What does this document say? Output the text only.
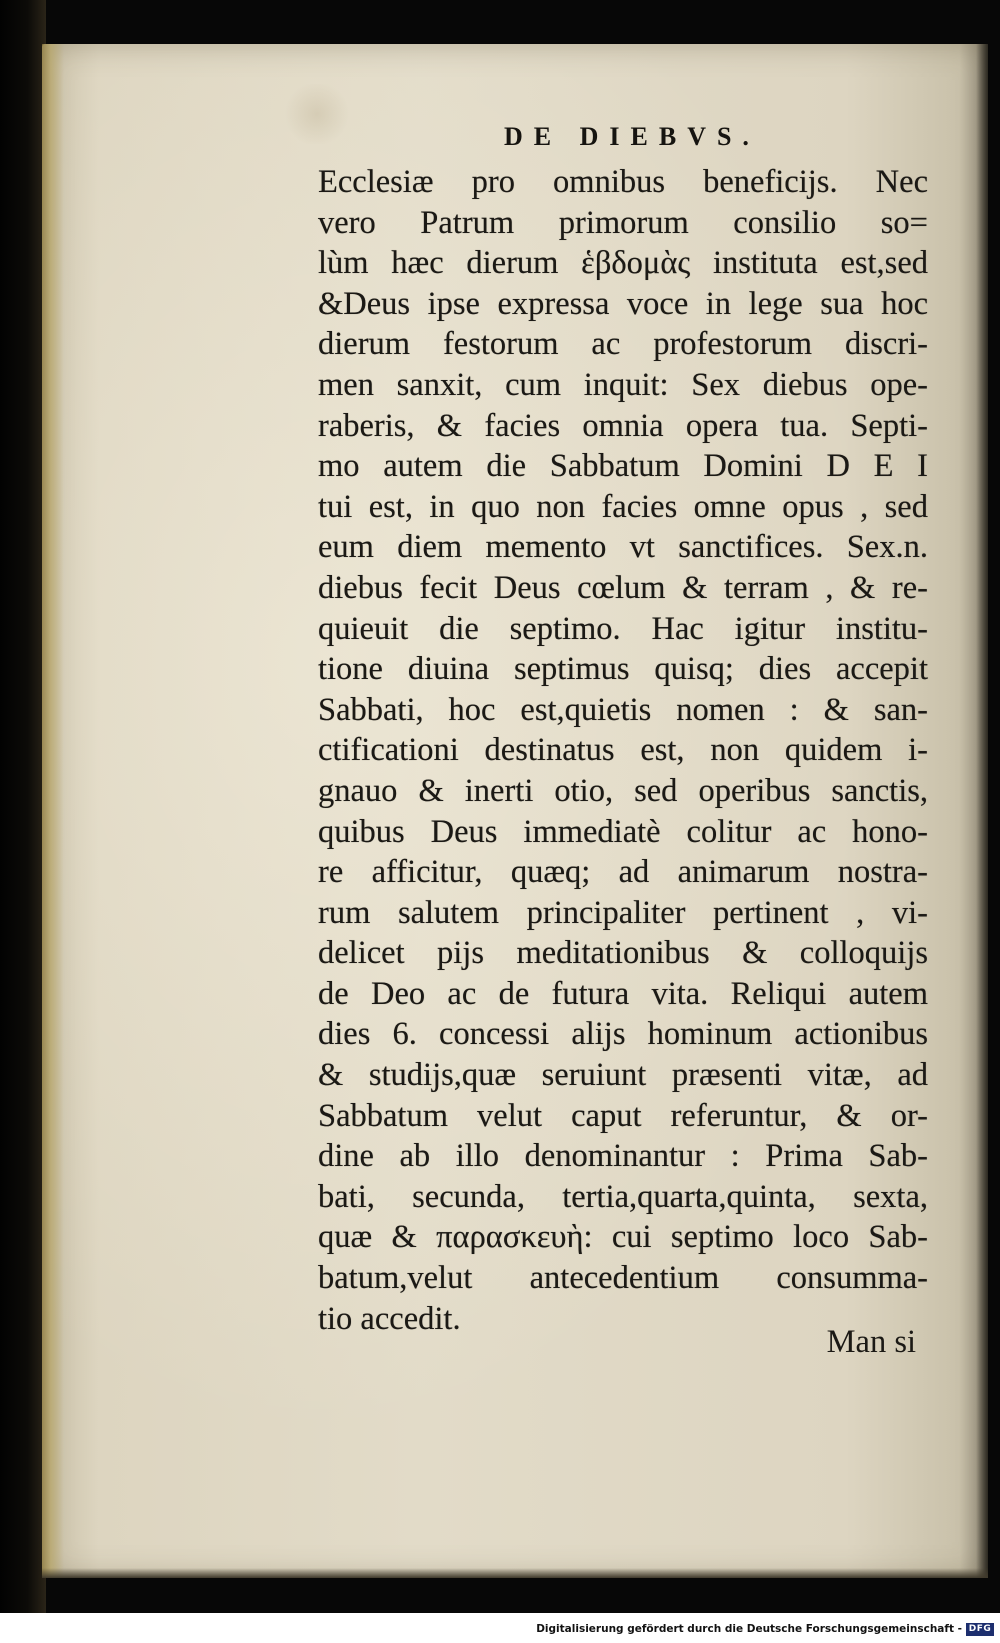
DE DIEBVS.
Ecclesiæ pro omnibus beneficijs. Nec
vero Patrum primorum consilio so=
lùm hæc dierum ἑβδομὰς instituta est,sed
&Deus ipse expressa voce in lege sua hoc
dierum festorum ac profestorum discri-
men sanxit, cum inquit: Sex diebus ope-
raberis, & facies omnia opera tua. Septi-
mo autem die Sabbatum Domini D E I
tui est, in quo non facies omne opus , sed
eum diem memento vt sanctifices. Sex.n.
diebus fecit Deus cœlum & terram , & re-
quieuit die septimo. Hac igitur institu-
tione diuina septimus quisq; dies accepit
Sabbati, hoc est,quietis nomen : & san-
ctificationi destinatus est, non quidem i-
gnauo & inerti otio, sed operibus sanctis,
quibus Deus immediatè colitur ac hono-
re afficitur, quæq; ad animarum nostra-
rum salutem principaliter pertinent , vi-
delicet pijs meditationibus & colloquijs
de Deo ac de futura vita. Reliqui autem
dies 6. concessi alijs hominum actionibus
& studijs,quæ seruiunt præsenti vitæ, ad
Sabbatum velut caput referuntur, & or-
dine ab illo denominantur : Prima Sab-
bati, secunda, tertia,quarta,quinta, sexta,
quæ & παρασκευὴ: cui septimo loco Sab-
batum,velut antecedentium consumma-
tio accedit.
Man si
Digitalisierung gefördert durch die Deutsche Forschungsgemeinschaft - DFG
